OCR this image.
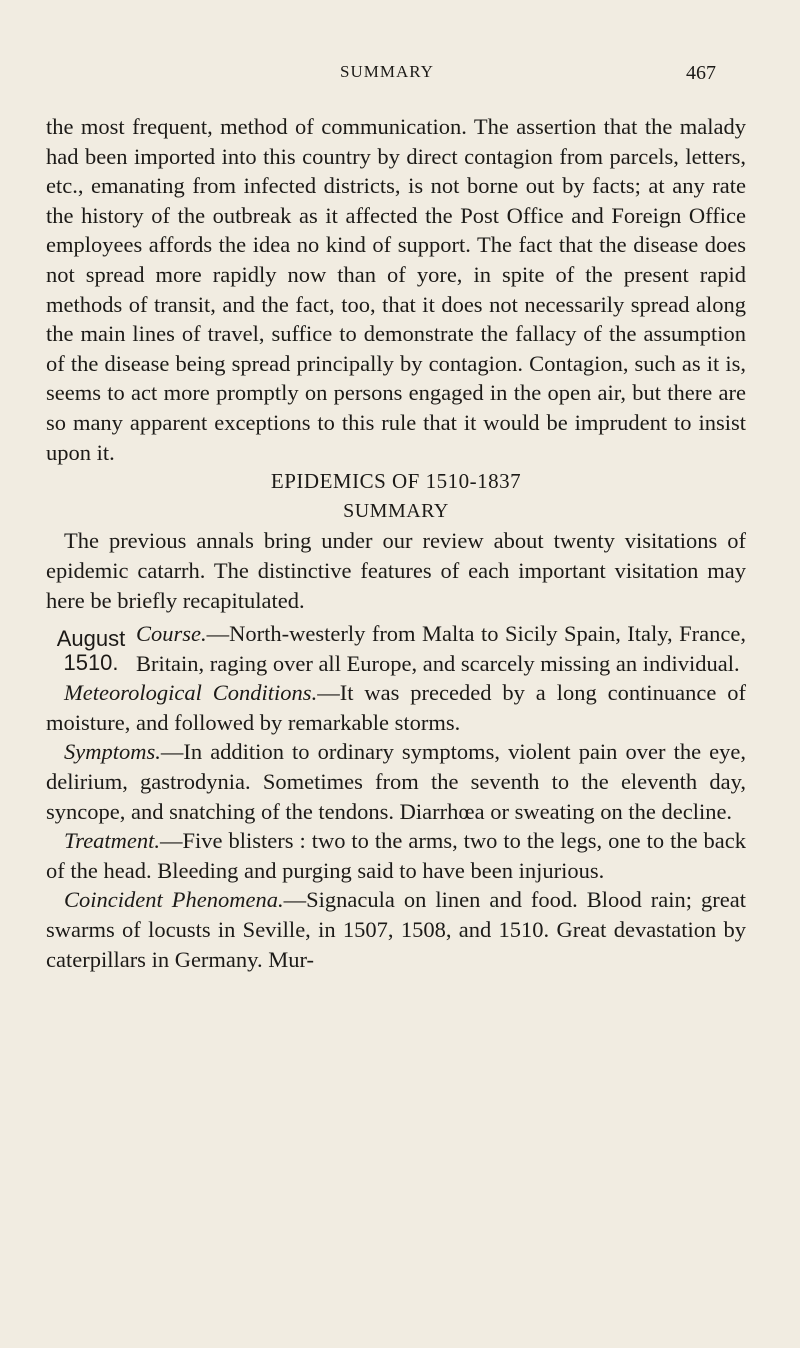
SUMMARY	467

the most frequent, method of communication. The assertion that the malady had been imported into this country by direct contagion from parcels, letters, etc., emanating from infected districts, is not borne out by facts; at any rate the history of the outbreak as it affected the Post Office and Foreign Office employees affords the idea no kind of support. The fact that the disease does not spread more rapidly now than of yore, in spite of the present rapid methods of transit, and the fact, too, that it does not necessarily spread along the main lines of travel, suffice to demonstrate the fallacy of the assumption of the disease being spread principally by contagion. Contagion, such as it is, seems to act more promptly on persons engaged in the open air, but there are so many apparent exceptions to this rule that it would be imprudent to insist upon it.

EPIDEMICS OF 1510-1837

SUMMARY

The previous annals bring under our review about twenty visitations of epidemic catarrh. The distinctive features of each important visitation may here be briefly recapitulated.

August
1510.

Course.—North-westerly from Malta to Sicily Spain, Italy, France, Britain, raging over all Europe, and scarcely missing an individual.

Meteorological Conditions.—It was preceded by a long continuance of moisture, and followed by remarkable storms.

Symptoms.—In addition to ordinary symptoms, violent pain over the eye, delirium, gastrodynia. Sometimes from the seventh to the eleventh day, syncope, and snatching of the tendons. Diarrhœa or sweating on the decline.

Treatment.—Five blisters : two to the arms, two to the legs, one to the back of the head. Bleeding and purging said to have been injurious.

Coincident Phenomena.—Signacula on linen and food. Blood rain; great swarms of locusts in Seville, in 1507, 1508, and 1510. Great devastation by caterpillars in Germany. Mur-
